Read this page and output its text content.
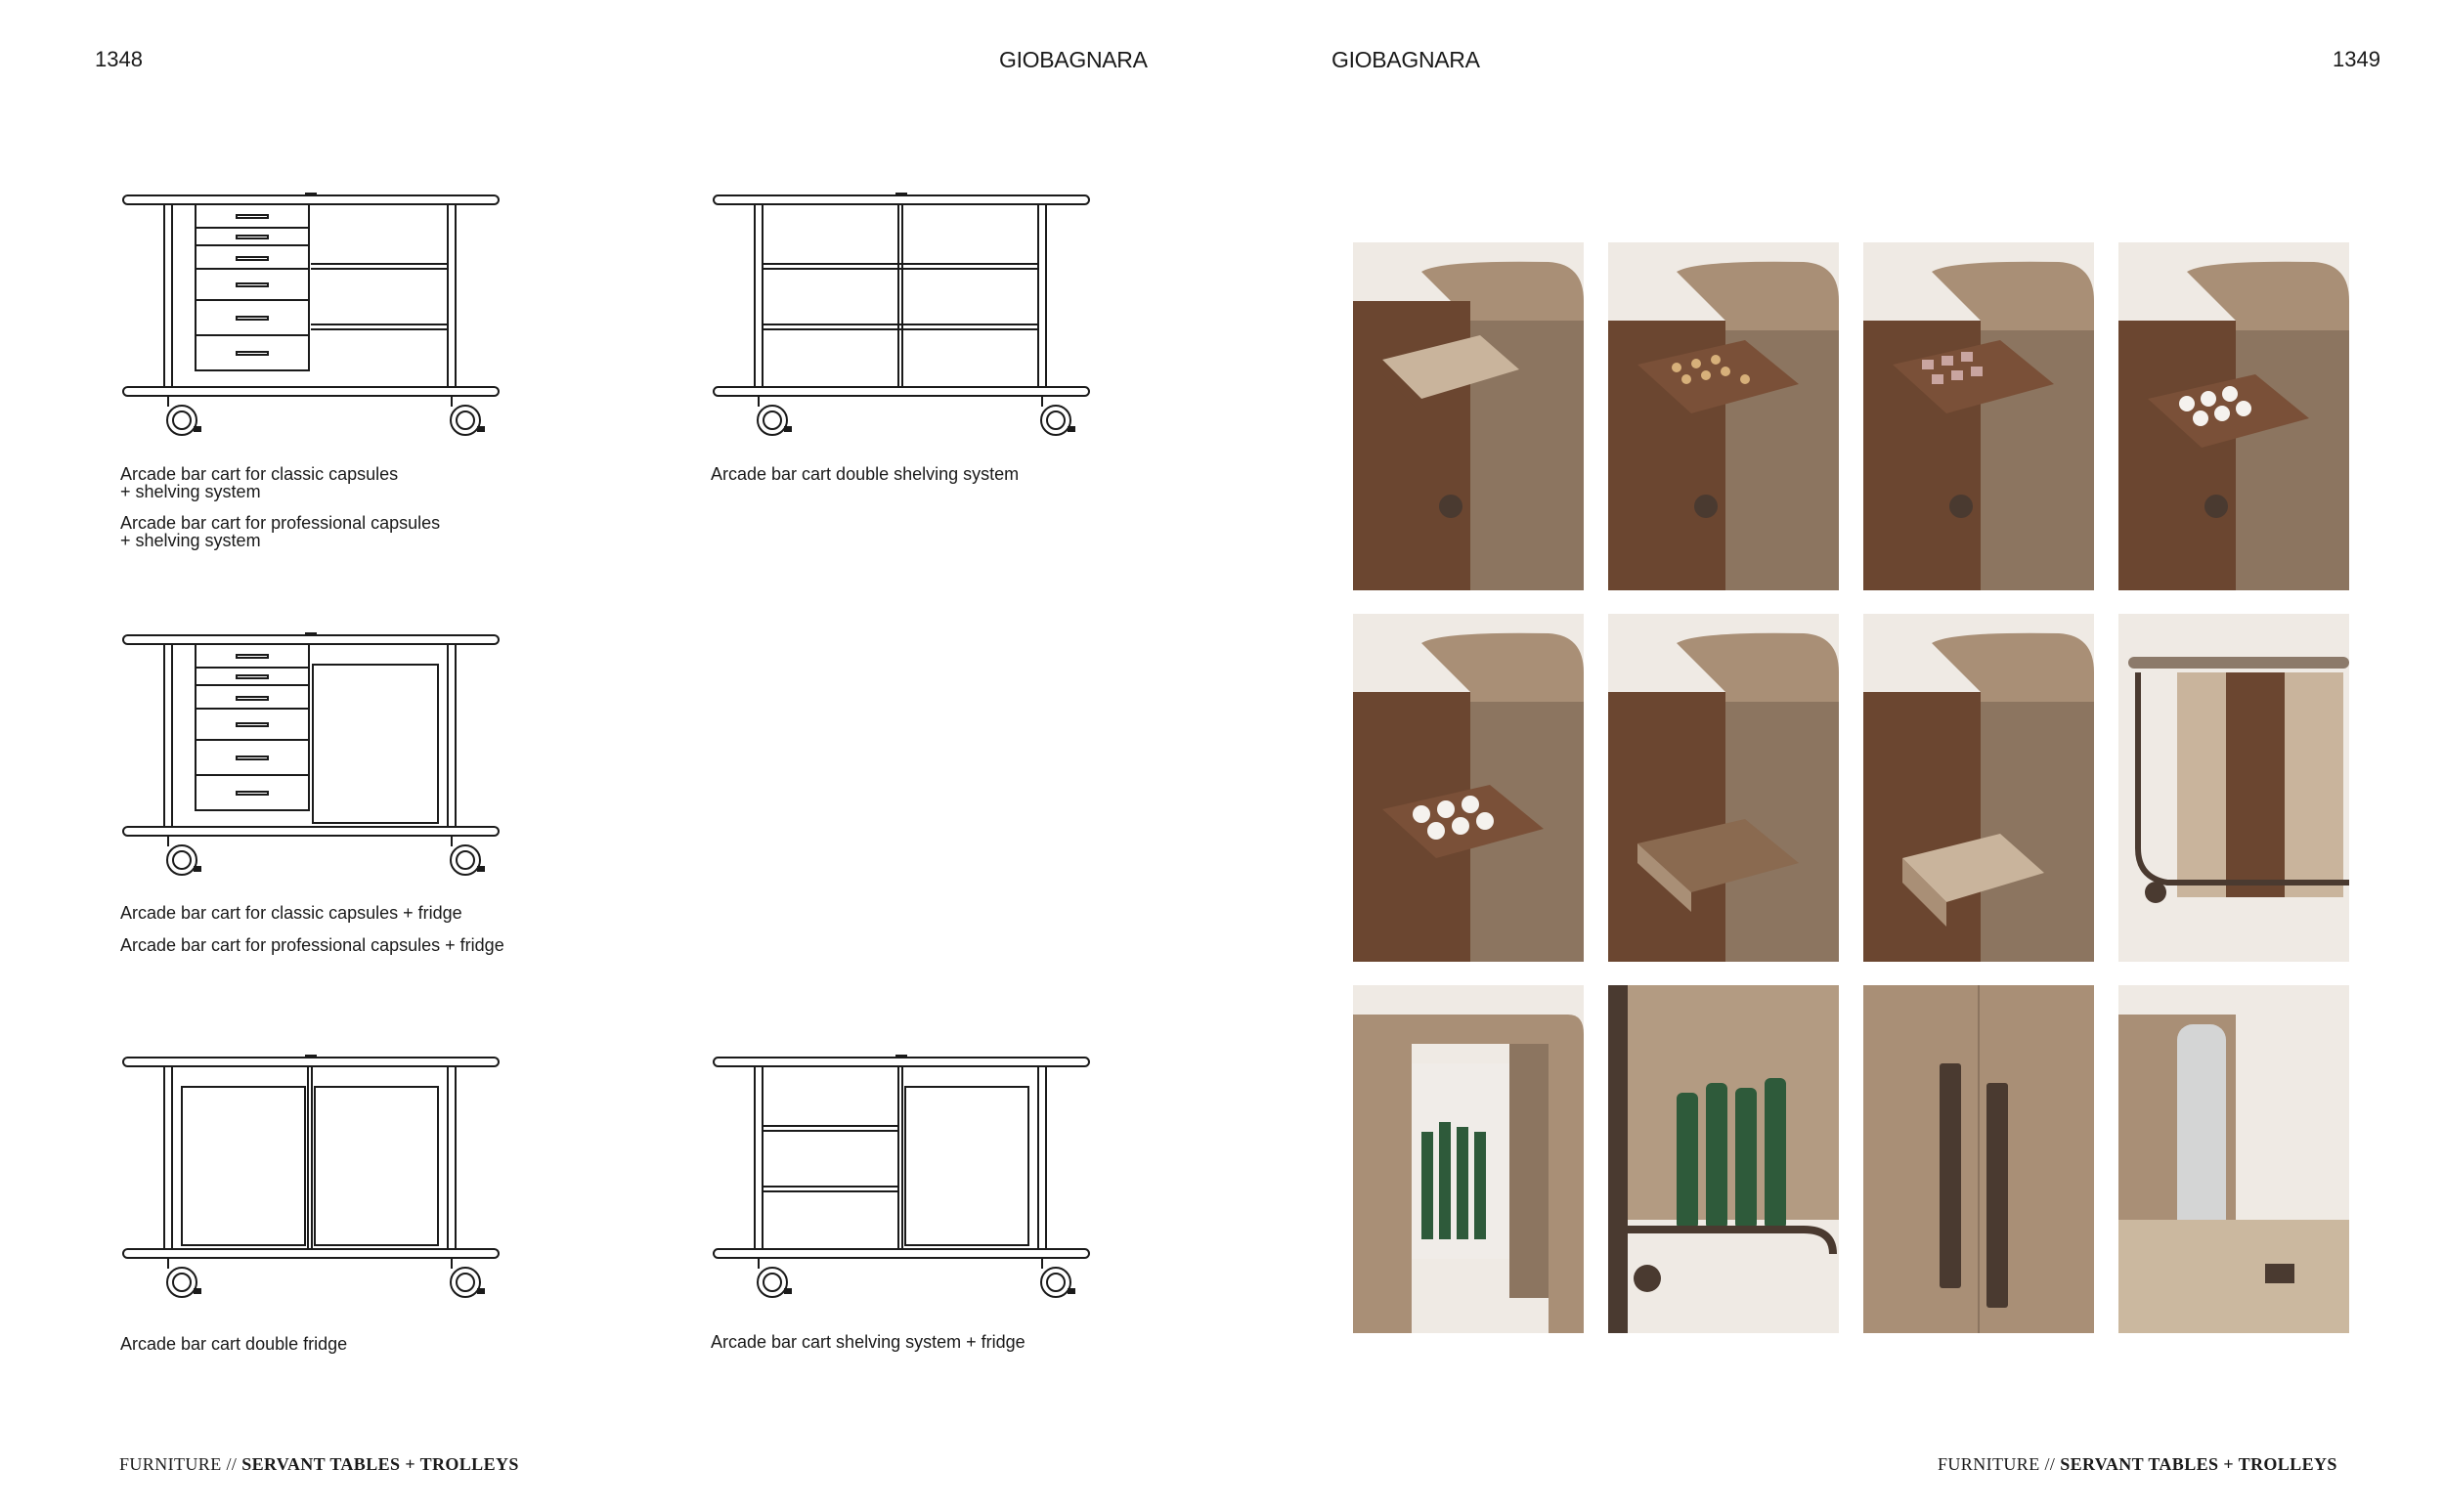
1348	GIOBAGNARA	GIOBAGNARA	1349
Arcade bar cart for classic capsules
+ shelving system
Arcade bar cart for professional capsules
+ shelving system
Arcade bar cart double shelving system
Arcade bar cart for classic capsules + fridge
Arcade bar cart for professional capsules + fridge
Arcade bar cart double fridge	Arcade bar cart shelving system + fridge
FURNITURE // SERVANT TABLES + TROLLEYS	FURNITURE // SERVANT TABLES + TROLLEYS
